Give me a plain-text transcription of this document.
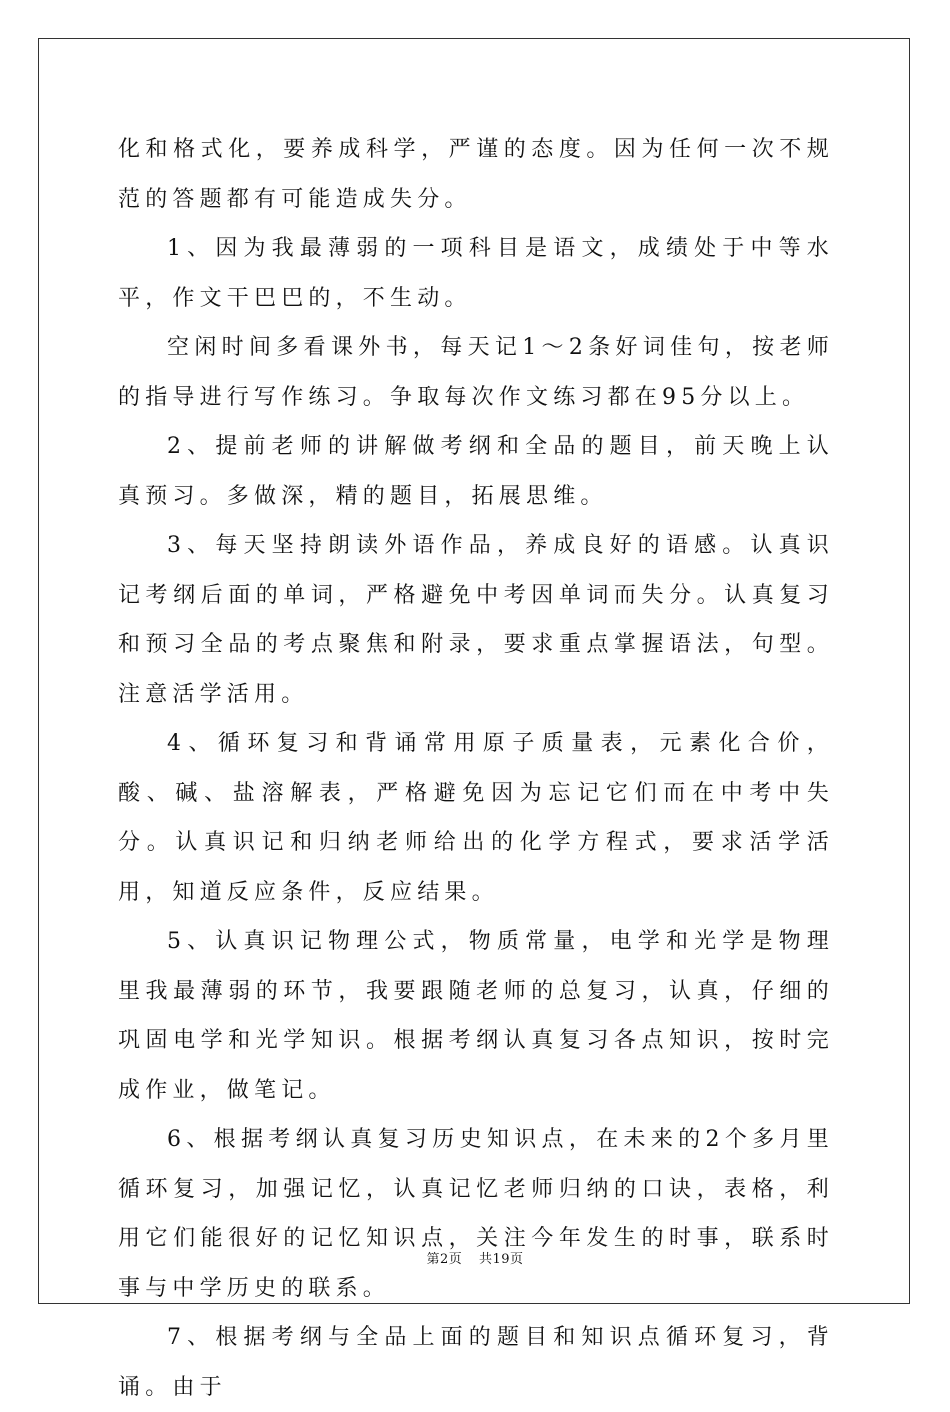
化和格式化，要养成科学，严谨的态度。因为任何一次不规范的答题都有可能造成失分。

1、因为我最薄弱的一项科目是语文，成绩处于中等水平，作文干巴巴的，不生动。

空闲时间多看课外书，每天记1～2条好词佳句，按老师的指导进行写作练习。争取每次作文练习都在95分以上。

2、提前老师的讲解做考纲和全品的题目，前天晚上认真预习。多做深，精的题目，拓展思维。

3、每天坚持朗读外语作品，养成良好的语感。认真识记考纲后面的单词，严格避免中考因单词而失分。认真复习和预习全品的考点聚焦和附录，要求重点掌握语法，句型。注意活学活用。

4、循环复习和背诵常用原子质量表，元素化合价，酸、碱、盐溶解表，严格避免因为忘记它们而在中考中失分。认真识记和归纳老师给出的化学方程式，要求活学活用，知道反应条件，反应结果。

5、认真识记物理公式，物质常量，电学和光学是物理里我最薄弱的环节，我要跟随老师的总复习，认真，仔细的巩固电学和光学知识。根据考纲认真复习各点知识，按时完成作业，做笔记。

6、根据考纲认真复习历史知识点，在未来的2个多月里循环复习，加强记忆，认真记忆老师归纳的口诀，表格，利用它们能很好的记忆知识点，关注今年发生的时事，联系时事与中学历史的联系。

7、根据考纲与全品上面的题目和知识点循环复习，背诵。由于

第2页 共19页
